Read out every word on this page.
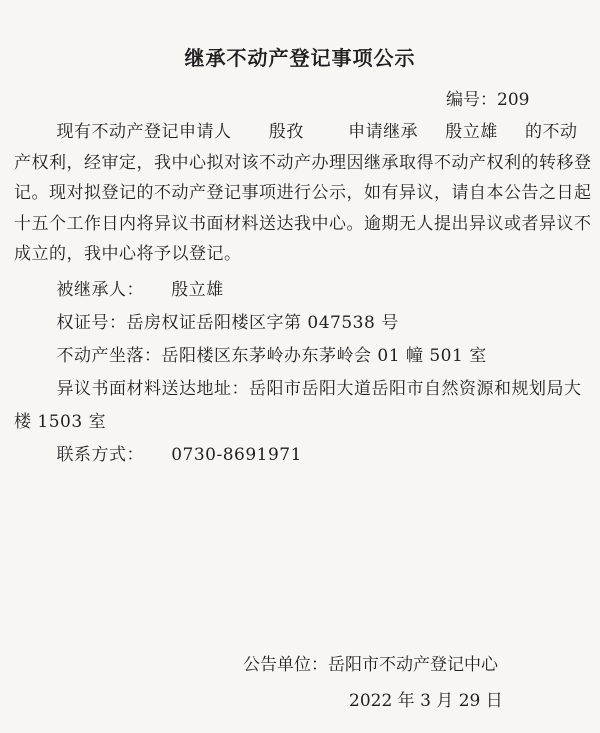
继承不动产登记事项公示
编号：209

现有不动产登记申请人 殷孜	申请继承 殷立雄 的不动产权利，经审定，我中心拟对该不动产办理因继承取得不动产权利的转移登记。现对拟登记的不动产登记事项进行公示，如有异议，请自本公告之日起十五个工作日内将异议书面材料送达我中心。逾期无人提出异议或者异议不成立的，我中心将予以登记。

被继承人： 殷立雄

权证号：岳房权证岳阳楼区字第 047538 号

不动产坐落：岳阳楼区东茅岭办东茅岭会 01 幢 501 室

异议书面材料送达地址：岳阳市岳阳大道岳阳市自然资源和规划局大楼 1503 室

联系方式： 0730-8691971

公告单位：岳阳市不动产登记中心
2022 年 3 月 29 日
